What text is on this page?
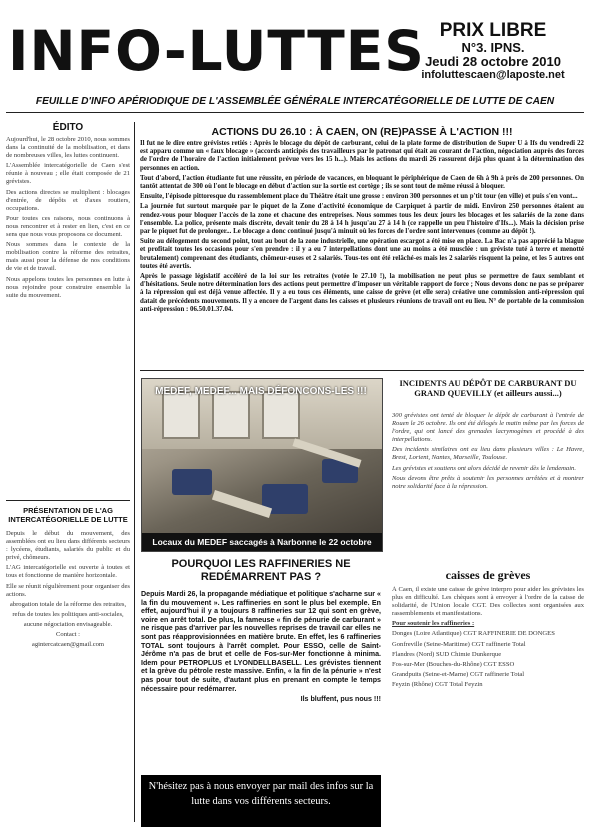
INFO-LUTTES PRIX LIBRE
N°3. IPNS.
Jeudi 28 octobre 2010
infoluttescaen@laposte.net
FEUILLE D'INFO APÉRIODIQUE DE L'ASSEMBLÉE GÉNÉRALE INTERCATÉGORIELLE DE LUTTE DE CAEN
ÉDITO

Aujourd'hui, le 28 octobre 2010, nous sommes dans la continuité de la mobilisation, et dans de nombreuses villes, les luttes continuent.

L'Assemblée intercatégorielle de Caen s'est réunie à nouveau ; elle était composée de 21 grévistes.

Des actions directes se multiplient : blocages d'entrée, de dépôts et d'axes routiers, occupations.

Pour toutes ces raisons, nous continuons à nous rencontrer et à rester en lien, c'est en ce sens que nous vous proposons ce document.

Nous sommes dans le contexte de la mobilisation contre la réforme des retraites, mais aussi pour la défense de nos conditions de vie et de travail.

Nous appelons toutes les personnes en lutte à nous rejoindre pour construire ensemble la suite du mouvement.

PRÉSENTATION DE L'AG INTERCATÉGORIELLE DE LUTTE

Depuis le début du mouvement, des assemblées ont eu lieu dans différents secteurs : lycéens, étudiants, salariés du public et du privé, chômeurs.

L'AG intercatégorielle est ouverte à toutes et tous et fonctionne de manière horizontale.

Elle se réunit régulièrement pour organiser des actions.

abrogation totale de la réforme des retraites,

refus de toutes les politiques anti-sociales,

aucune négociation envisageable.

Contact :

agintercatcaen@gmail.com

ACTIONS DU 26.10 : À CAEN, ON (RE)PASSE À L'ACTION !!!

Il fut ne le dire entre grévistes retiés : Après le blocage du dépôt de carburant, celui de la plate forme de distribution de Super U à Ifs du vendredi 22 est apparu comme un « faux blocage » (accords anticipés des travailleurs par le patronat qui était au courant de l'action, négociation auprès des forces de l'ordre de l'horaire de l'action initialement prévue vers les 15 h...). Mais les actions du mardi 26 rassurent déjà plus quant à la détermination des personnes en action.

Tout d'abord, l'action étudiante fut une réussite, en période de vacances, en bloquant le périphérique de Caen de 6h à 9h à près de 200 personnes. On tantôt attentat de 300 où l'ont le blocage en début d'action sur la sortie est cortège ; ils se sont tout de même réussi à bloquer.

Ensuite, l'épisode pittoresque du rassemblement place du Théâtre était une grosse : environ 300 personnes et un p'tit tour (en ville) et puis s'en vont...

La journée fut surtout marquée par le piquet de la Zone d'activité économique de Carpiquet à partir de midi. Environ 250 personnes étaient au rendez-vous pour bloquer l'accès de la zone et chacune des entreprises. Nous sommes tous les deux jours les blocages et les salariés de la zone dans l'ensemble. La police, présente mais discrète, devait tenir du 28 à 14 h jusqu'au 27 à 14 h (ce rappelle un peu l'histoire d'Ifs...). Mais la décision prise par le piquet fut de prolonger... Le blocage a donc continué jusqu'à minuit où les forces de l'ordre sont intervenues (comme au dépôt !).

Suite au délogement du second point, tout au bout de la zone industrielle, une opération escargot a été mise en place. La Bac n'a pas apprécié la blague et profitait toutes les occasions pour s'en prendre : il y a eu 7 interpellations dont une au moins a été musclée : un gréviste tuté à terre et menotté brutalement) comprenant des étudiants, chômeur-euses et 2 salariés. Tous-tes ont été relâché-es mais les 2 salariés risquent la peine, et les 5 autres ont toutes été avertis.

Après le passage législatif accéléré de la loi sur les retraites (votée le 27.10 !), la mobilisation ne peut plus se permettre de faux semblant et d'hésitations. Seule notre détermination lors des actions peut permettre d'imposer un véritable rapport de force ; Nous devons donc ne pas se préparer à la répression qui est déjà venue affectée. Il y a eu tous ces éléments, une caisse de grève (et elle sera) créative une commission anti-répression qui datait de précédents mouvements. Il y a encore de l'argent dans les caisses et plusieurs réunions de travail ont eu lieu. N° de portable de la commission anti-répression : 06.50.01.37.04.

Locaux du MEDEF saccagés à Narbonne le 22 octobre
MEDEF, MEDEF... MAIS DÉFONCONS-LES !!!
INCIDENTS AU DÉPÔT DE CARBURANT DU GRAND QUEVILLY (et ailleurs aussi...)

300 grévistes ont tenté de bloquer le dépôt de carburant à l'entrée de Rouen le 26 octobre. Ils ont été délogés le matin même par les forces de l'ordre, qui ont lancé des grenades lacrymogènes et procédé à des interpellations.

Des incidents similaires ont eu lieu dans plusieurs villes : Le Havre, Brest, Lorient, Nantes, Marseille, Toulouse.

Les grévistes et soutiens ont alors décidé de revenir dès le lendemain.

Nous devons être prêts à soutenir les personnes arrêtées et à montrer notre solidarité face à la répression.

POURQUOI LES RAFFINERIES NE REDÉMARRENT PAS ?

Depuis Mardi 26, la propagande médiatique et politique s'acharne sur « la fin du mouvement ». Les raffineries en sont le plus bel exemple. En effet, aujourd'hui il y a toujours 8 raffineries sur 12 qui sont en grève, voire en arrêt total. De plus, la fameuse « fin de pénurie de carburant » ne risque pas d'arriver par les nouvelles reprises de travail car elles ne sont pas réapprovisionnées en matière brute. En effet, les 6 raffineries TOTAL sont toujours à l'arrêt complet. Pour ESSO, celle de Saint-Jérôme n'a pas de brut et celle de Fos-sur-Mer fonctionne à minima. Idem pour PETROPLUS et LYONDELLBASELL. Les grévistes tiennent et la grève du pétrole reste massive. Enfin, « la fin de la pénurie » n'est pas pour tout de suite, d'autant plus en prenant en compte le temps nécessaire pour redémarrer.

Ils bluffent, pus nous !!!

N'hésitez pas à nous envoyer par mail des infos sur la lutte dans vos différents secteurs.
caisses de grèves

À Caen, il existe une caisse de grève interpro pour aider les grévistes les plus en difficulté. Les chèques sont à envoyer à l'ordre de la caisse de solidarité, de l'Union locale CGT. Des collectes sont organisées aux rassemblements et manifestations.

Pour soutenir les raffineries :

Donges (Loire Atlantique) CGT RAFFINERIE DE DONGES

Gonfreville (Seine-Maritime) CGT raffinerie Total

Flandres (Nord) SUD Chimie Dunkerque

Fos-sur-Mer (Bouches-du-Rhône) CGT ESSO

Grandpuits (Seine-et-Marne) CGT raffinerie Total

Feyzin (Rhône) CGT Total Feyzin
